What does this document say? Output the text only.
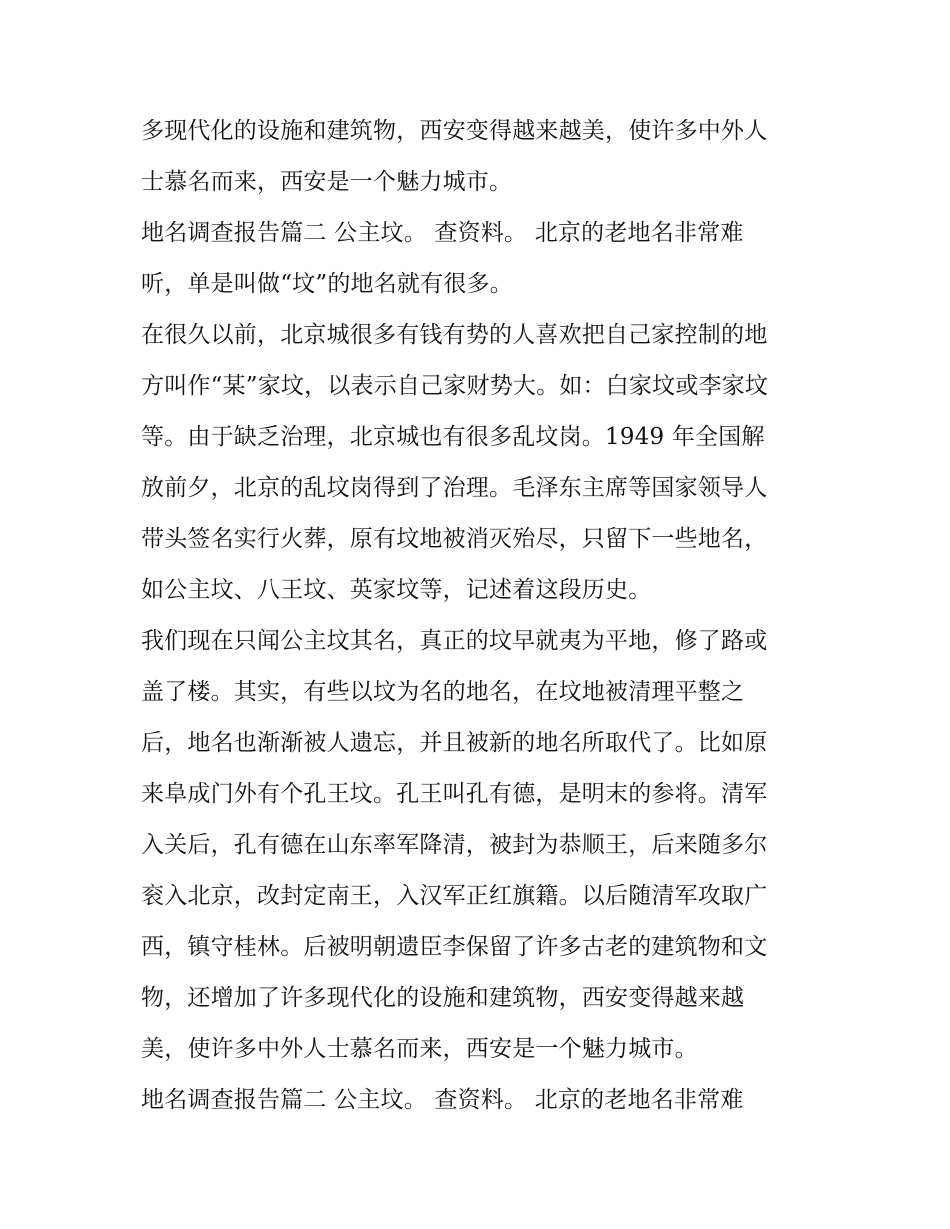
多现代化的设施和建筑物，西安变得越来越美，使许多中外人
士慕名而来，西安是一个魅力城市。
地名调查报告篇二 公主坟。 查资料。 北京的老地名非常难
听，单是叫做“坟”的地名就有很多。
在很久以前，北京城很多有钱有势的人喜欢把自己家控制的地
方叫作“某”家坟，以表示自己家财势大。如：白家坟或李家坟
等。由于缺乏治理，北京城也有很多乱坟岗。1949 年全国解
放前夕，北京的乱坟岗得到了治理。毛泽东主席等国家领导人
带头签名实行火葬，原有坟地被消灭殆尽，只留下一些地名，
如公主坟、八王坟、英家坟等，记述着这段历史。
我们现在只闻公主坟其名，真正的坟早就夷为平地，修了路或
盖了楼。其实，有些以坟为名的地名，在坟地被清理平整之
后，地名也渐渐被人遗忘，并且被新的地名所取代了。比如原
来阜成门外有个孔王坟。孔王叫孔有德，是明末的参将。清军
入关后，孔有德在山东率军降清，被封为恭顺王，后来随多尔
衮入北京，改封定南王，入汉军正红旗籍。以后随清军攻取广
西，镇守桂林。后被明朝遗臣李保留了许多古老的建筑物和文
物，还增加了许多现代化的设施和建筑物，西安变得越来越
美，使许多中外人士慕名而来，西安是一个魅力城市。
地名调查报告篇二 公主坟。 查资料。 北京的老地名非常难
